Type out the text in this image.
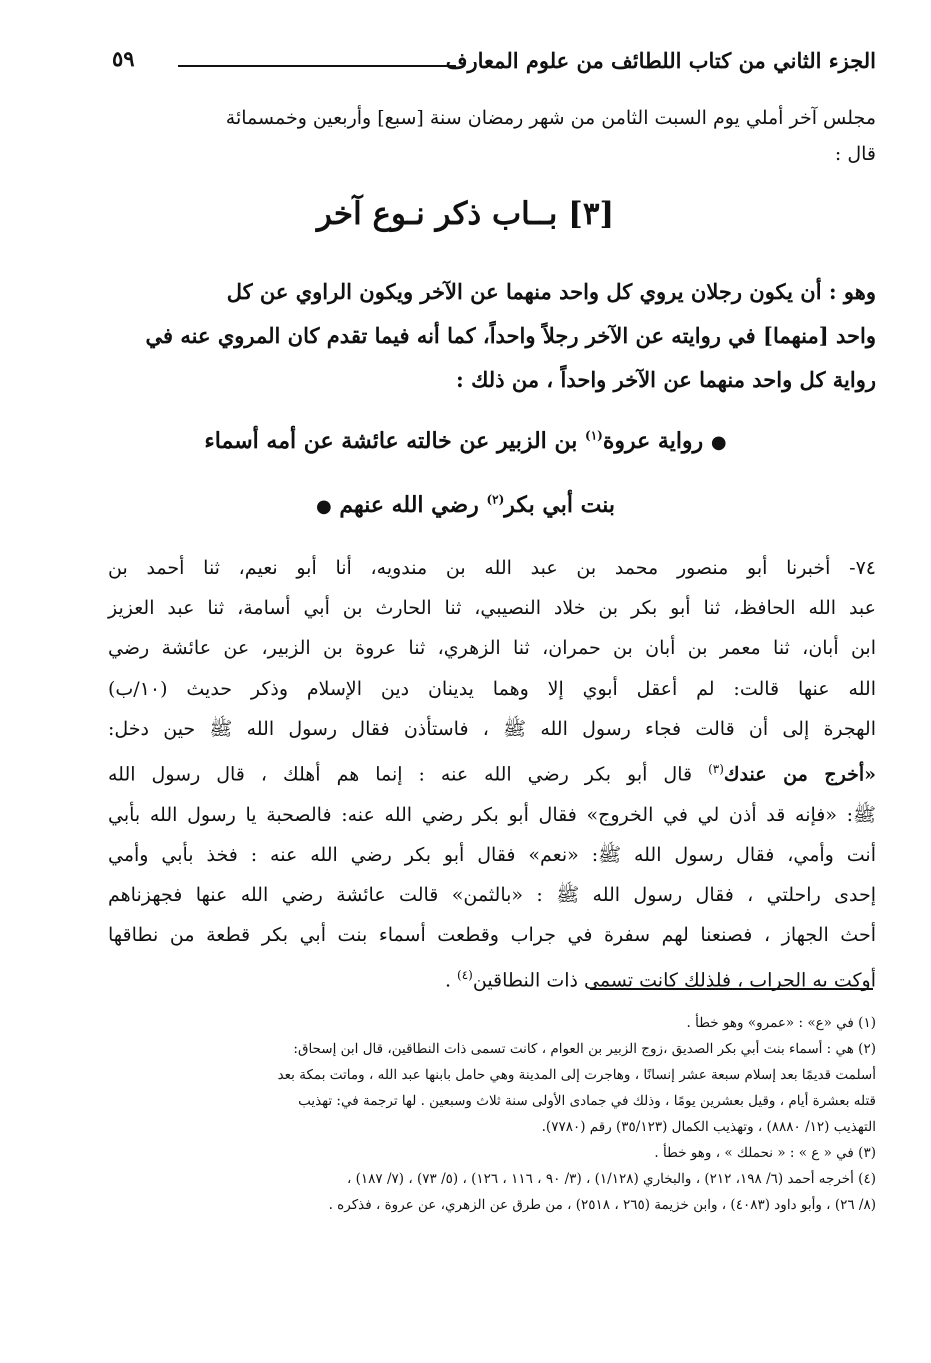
الجزء الثاني من كتاب اللطائف من علوم المعارف
٥٩
مجلس آخر أملي يوم السبت الثامن من شهر رمضان سنة [سبع] وأربعين وخمسمائة
قال :
[٣] بــاب ذكر نـوع آخر
وهو : أن يكون رجلان يروي كل واحد منهما عن الآخر ويكون الراوي عن كل
واحد [منهما] في روايته عن الآخر رجلاً واحداً، كما أنه فيما تقدم كان المروي عنه في
رواية كل واحد منهما عن الآخر واحداً ، من ذلك :
● رواية عروة$^{(١)}$ بن الزبير عن خالته عائشة عن أمه أسماء
بنت أبي بكر$^{(٢)}$ رضي الله عنهم ●
٧٤- أخبرنا أبو منصور محمد بن عبد الله بن مندويه، أنا أبو نعيم، ثنا أحمد بن
عبد الله الحافظ، ثنا أبو بكر بن خلاد النصيبي، ثنا الحارث بن أبي أسامة، ثنا عبد العزيز
ابن أبان، ثنا معمر بن أبان بن حمران، ثنا الزهري، ثنا عروة بن الزبير، عن عائشة رضي
الله عنها قالت: لم أعقل أبوي إلا وهما يدينان دين الإسلام وذكر حديث (١٠/ب)
الهجرة إلى أن قالت فجاء رسول الله ﷺ ، فاستأذن فقال رسول الله ﷺ حين دخل:
«أخرج من عندك$^{(٣)}$ قال أبو بكر رضي الله عنه : إنما هم أهلك ، قال رسول الله
ﷺ: «فإنه قد أذن لي في الخروج» فقال أبو بكر رضي الله عنه: فالصحبة يا رسول الله بأبي
أنت وأمي، فقال رسول الله ﷺ: «نعم» فقال أبو بكر رضي الله عنه : فخذ بأبي وأمي
إحدى راحلتي ، فقال رسول الله ﷺ : «بالثمن» قالت عائشة رضي الله عنها فجهزناهم
أحث الجهاز ، فصنعنا لهم سفرة في جراب وقطعت أسماء بنت أبي بكر قطعة من نطاقها
أوكت به الجراب ، فلذلك كانت تسمى ذات النطاقين$^{(٤)}$ .
(١) في «ع» : «عمرو» وهو خطأ .
(٢) هي : أسماء بنت أبي بكر الصديق ،زوج الزبير بن العوام ، كانت تسمى ذات النطاقين، قال ابن إسحاق:
أسلمت قديمًا بعد إسلام سبعة عشر إنسانًا ، وهاجرت إلى المدينة وهي حامل بابنها عبد الله ، وماتت بمكة بعد
قتله بعشرة أيام ، وقيل بعشرين يومًا ، وذلك في جمادى الأولى سنة ثلاث وسبعين . لها ترجمة في: تهذيب
التهذيب (١٢/ ٨٨٨٠) ، وتهذيب الكمال (٣٥/١٢٣) رقم (٧٧٨٠).
(٣) في « ع » : « نحملك » ، وهو خطأ .
(٤) أخرجه أحمد (٦/ ١٩٨، ٢١٢) ، والبخاري (١/١٢٨) ، (٣/ ٩٠ ، ١١٦ ، ١٢٦) ، (٥/ ٧٣) ، (٧/ ١٨٧) ،
(٨/ ٢٦) ، وأبو داود (٤٠٨٣) ، وابن خزيمة (٢٦٥ ، ٢٥١٨) ، من طرق عن الزهري، عن عروة ، فذكره .
